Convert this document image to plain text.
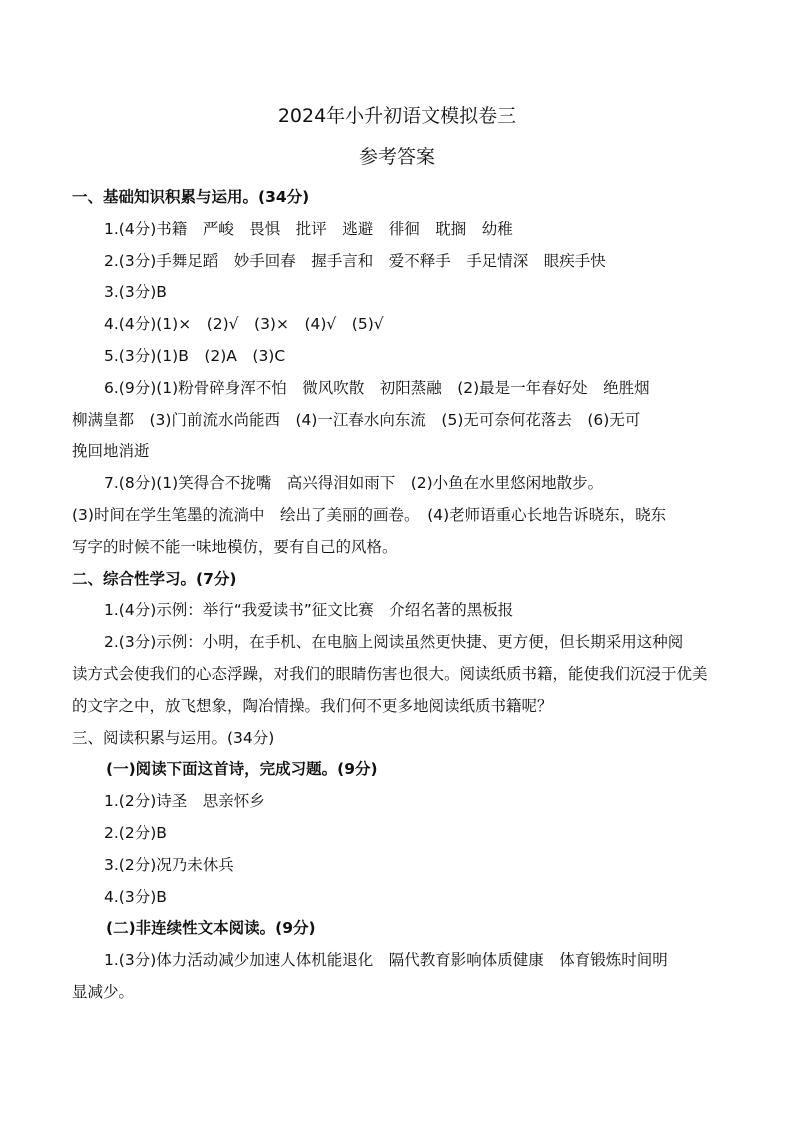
2024年小升初语文模拟卷三
参考答案
一、基础知识积累与运用。(34分)
1.(4分)书籍　严峻　畏惧　批评　逃避　徘徊　耽搁　幼稚
2.(3分)手舞足蹈　妙手回春　握手言和　爱不释手　手足情深　眼疾手快
3.(3分)B
4.(4分)(1)×　(2)√　(3)×　(4)√　(5)√
5.(3分)(1)B　(2)A　(3)C
6.(9分)(1)粉骨碎身浑不怕　微风吹散　初阳蒸融　(2)最是一年春好处　绝胜烟
柳满皇都　(3)门前流水尚能西　(4)一江春水向东流　(5)无可奈何花落去　(6)无可
挽回地消逝
7.(8分)(1)笑得合不拢嘴　高兴得泪如雨下　(2)小鱼在水里悠闲地散步。
(3)时间在学生笔墨的流淌中　绘出了美丽的画卷。　(4)老师语重心长地告诉晓东，晓东
写字的时候不能一味地模仿，要有自己的风格。
二、综合性学习。(7分)
1.(4分)示例：举行“我爱读书”征文比赛　介绍名著的黑板报
2.(3分)示例：小明，在手机、在电脑上阅读虽然更快捷、更方便，但长期采用这种阅
读方式会使我们的心态浮躁，对我们的眼睛伤害也很大。阅读纸质书籍，能使我们沉浸于优美
的文字之中，放飞想象，陶冶情操。我们何不更多地阅读纸质书籍呢？
三、阅读积累与运用。(34分)
(一)阅读下面这首诗，完成习题。(9分)
1.(2分)诗圣　思亲怀乡
2.(2分)B
3.(2分)况乃未休兵
4.(3分)B
(二)非连续性文本阅读。(9分)
1.(3分)体力活动减少加速人体机能退化　隔代教育影响体质健康　体育锻炼时间明
显减少。
